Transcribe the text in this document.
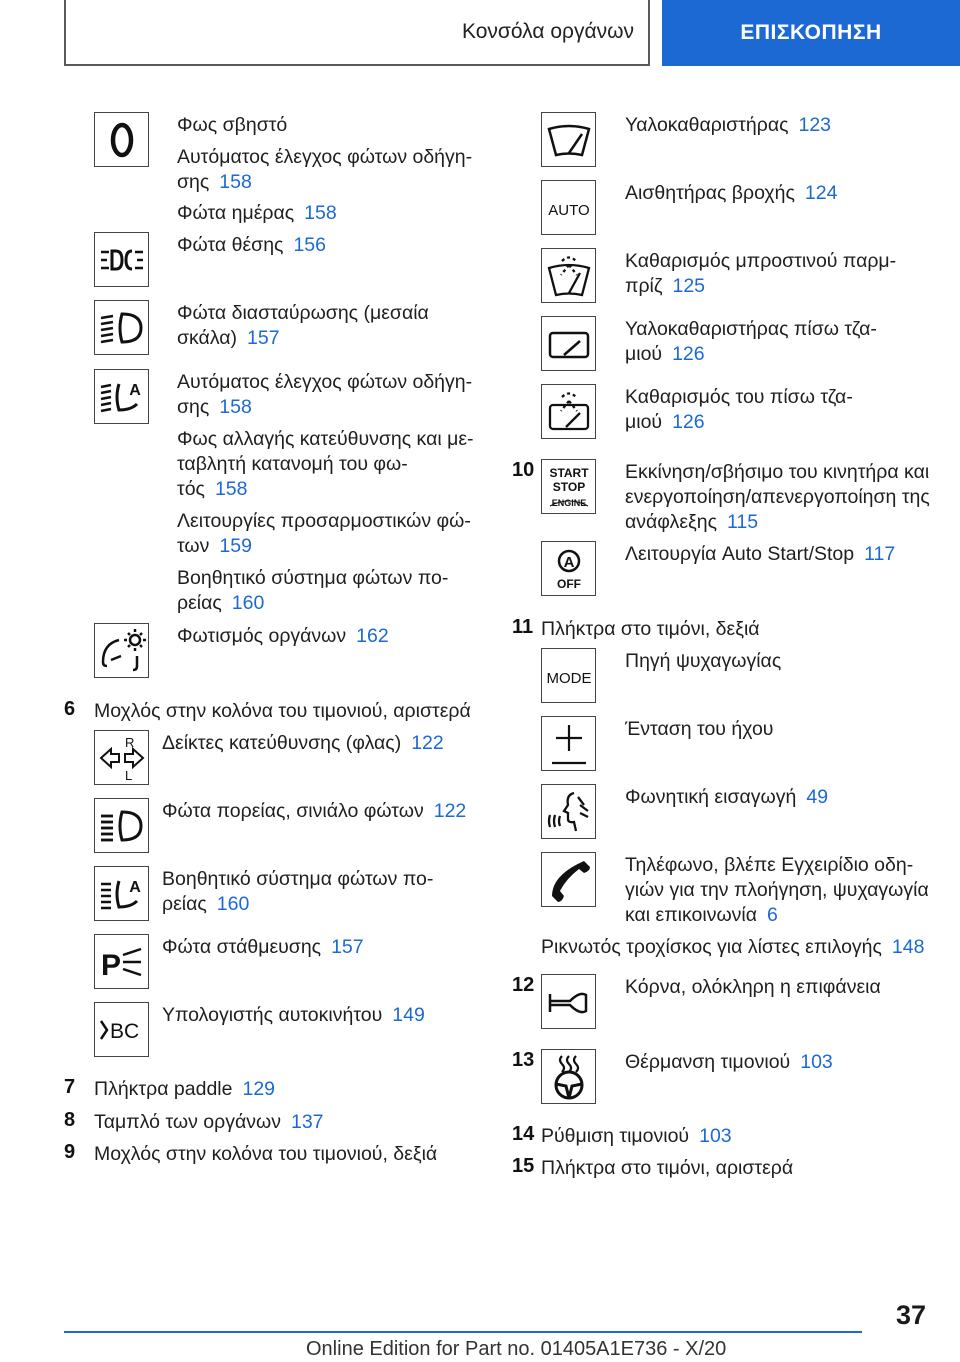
Κονσόλα οργάνων	ΕΠΙΣΚΟΠΗΣΗ
Φως σβηστό
Αυτόματος έλεγχος φώτων οδήγη-
σης 158
Φώτα ημέρας 158
Φώτα θέσης 156
Φώτα διασταύρωσης (μεσαία
σκάλα) 157
A Αυτόματος έλεγχος φώτων οδήγη-
σης 158
Φως αλλαγής κατεύθυνσης και με-
ταβλητή κατανομή του φω-
τός 158
Λειτουργίες προσαρμοστικών φώ-
των 159
Βοηθητικό σύστημα φώτων πο-
ρείας 160
Φωτισμός οργάνων 162
6 Μοχλός στην κολόνα του τιμονιού, αριστερά
R
L
Δείκτες κατεύθυνσης (φλας) 122
Φώτα πορείας, σινιάλο φώτων 122
A Βοηθητικό σύστημα φώτων πο-
ρείας 160
P
Φώτα στάθμευσης 157
BC
Υπολογιστής αυτοκινήτου 149
7 Πλήκτρα paddle 129
8 Ταμπλό των οργάνων 137
9 Μοχλός στην κολόνα του τιμονιού, δεξιά
Υαλοκαθαριστήρας 123
AUTO
Αισθητήρας βροχής 124
Καθαρισμός μπροστινού παρμ-
πρίζ 125
Υαλοκαθαριστήρας πίσω τζα-
μιού 126
Καθαρισμός του πίσω τζα-
μιού 126
10 START
STOP
ENGINE
Εκκίνηση/σβήσιμο του κινητήρα και
ενεργοποίηση/απενεργοποίηση της
ανάφλεξης 115
A
OFF
Λειτουργία Auto Start/Stop 117
11 Πλήκτρα στο τιμόνι, δεξιά
MODE
Πηγή ψυχαγωγίας
Ένταση του ήχου
Φωνητική εισαγωγή 49
Τηλέφωνο, βλέπε Εγχειρίδιο οδη-
γιών για την πλοήγηση, ψυχαγωγία
και επικοινωνία 6
Ρικνωτός τροχίσκος για λίστες επιλογής 148
12	Κόρνα, ολόκληρη η επιφάνεια
13	Θέρμανση τιμονιού 103
14 Ρύθμιση τιμονιού 103
15 Πλήκτρα στο τιμόνι, αριστερά
37
Online Edition for Part no. 01405A1E736 - X/20
